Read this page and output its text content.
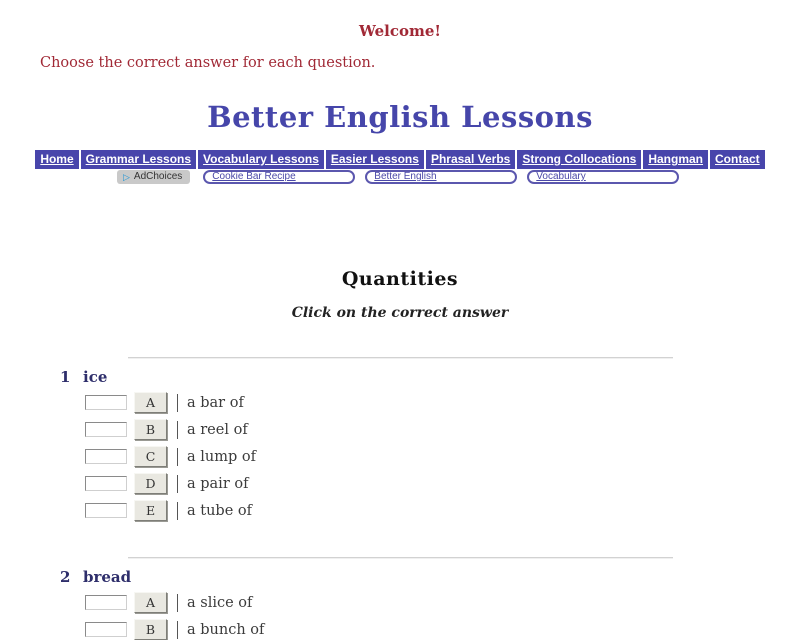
Welcome!
Choose the correct answer for each question.
Better English Lessons
Home	Grammar Lessons	Vocabulary Lessons	Easier Lessons	Phrasal Verbs	Strong Collocations	Hangman	Contact
▷ AdChoices	Cookie Bar Recipe	Better English	Vocabulary
Quantities
Click on the correct answer
1 ice
A	a bar of
B	a reel of
C	a lump of
D	a pair of
E	a tube of
2 bread
A	a slice of
B	a bunch of
